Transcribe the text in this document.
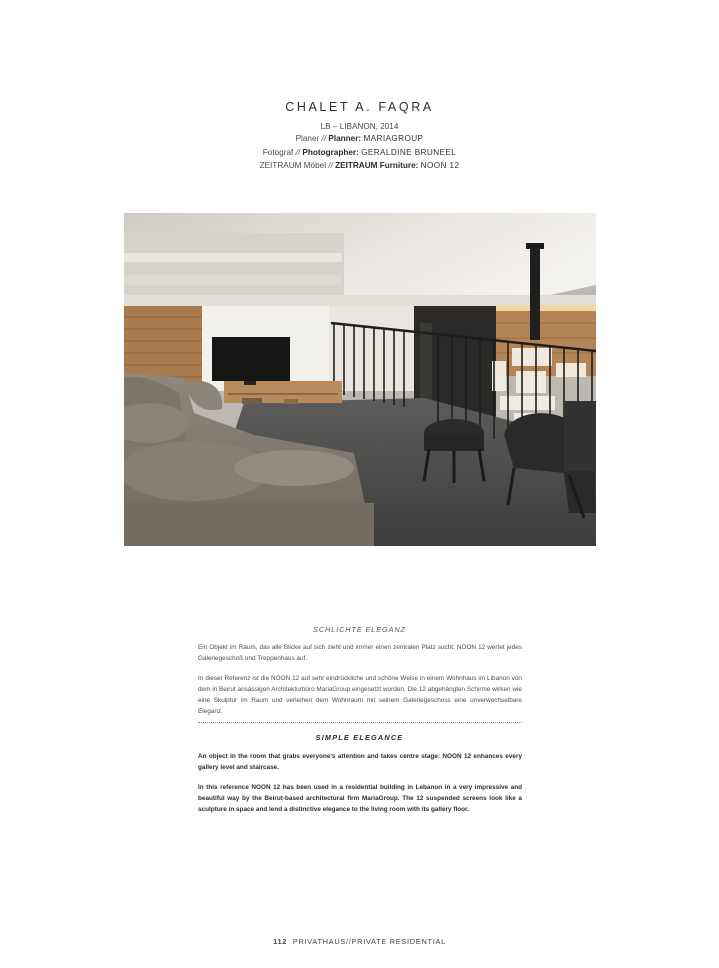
CHALET A. FAQRA
LB – LIBANON, 2014
Planer // Planner: MARIAGROUP
Fotograf // Photographer: GERALDINE BRUNEEL
ZEITRAUM Möbel // ZEITRAUM Furniture: NOON 12
SCHLICHTE ELEGANZ
Ein Objekt im Raum, das alle Blicke auf sich zieht und immer einen zentralen Platz sucht: NOON 12 wertet jedes Galeriegeschoß und Treppenhaus auf.
In dieser Referenz ist die NOON 12 auf sehr eindrückliche und schöne Weise in einem Wohnhaus im Libanon von dem in Beirut ansässigen Architekturbüro MariaGroup eingesetzt worden. Die 12 abgehängten Schirme wirken wie eine Skulptur im Raum und verleihen dem Wohnraum mit seinem Galeriegeschoss eine unverwechselbare Eleganz.
SIMPLE ELEGANCE
An object in the room that grabs everyone's attention and takes centre stage: NOON 12 enhances every gallery level and staircase.
In this reference NOON 12 has been used in a residential building in Lebanon in a very impressive and beautiful way by the Beirut-based architectural firm MariaGroup. The 12 suspended screens look like a sculpture in space and lend a distinctive elegance to the living room with its gallery floor.
112 PRIVATHAUS//PRIVATE RESIDENTIAL
